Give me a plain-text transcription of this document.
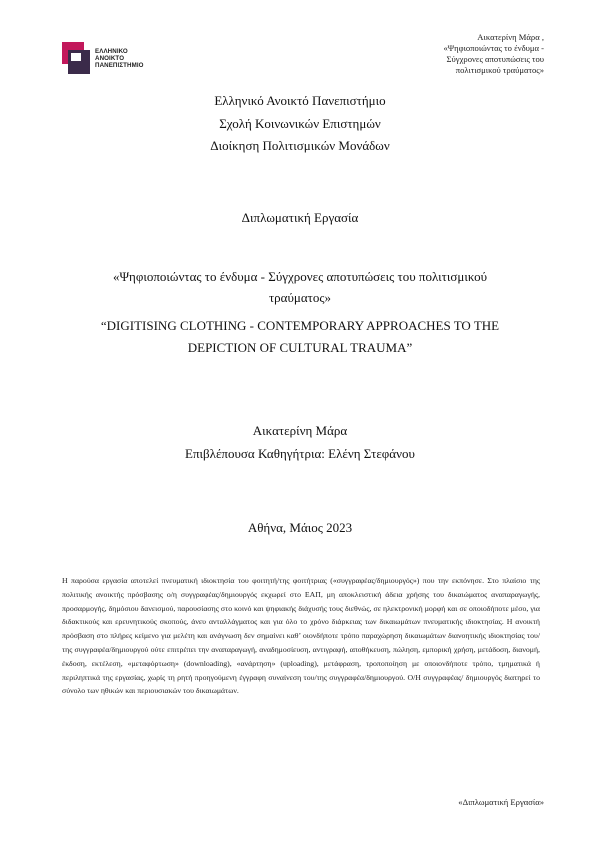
ΕΛΛΗΝΙΚΟ
ΑΝΟΙΚΤΟ
ΠΑΝΕΠΙΣΤΗΜΙΟ
Αικατερίνη Μάρα ,
«Ψηφιοποιώντας το ένδυμα -
Σύγχρονες αποτυπώσεις του
πολιτισμικού τραύματος»
Ελληνικό Ανοικτό Πανεπιστήμιο
Σχολή Κοινωνικών Επιστημών
Διοίκηση Πολιτισμικών Μονάδων
Διπλωματική Εργασία
«Ψηφιοποιώντας το ένδυμα - Σύγχρονες αποτυπώσεις του πολιτισμικού τραύματος»
“DIGITISING CLOTHING - CONTEMPORARY APPROACHES TO THE DEPICTION OF CULTURAL TRAUMA”
Αικατερίνη Μάρα
Επιβλέπουσα Καθηγήτρια: Ελένη Στεφάνου
Αθήνα, Μάιος 2023
Η παρούσα εργασία αποτελεί πνευματική ιδιοκτησία του φοιτητή/της φοιτήτριας («συγγραφέας/δημιουργός») που την εκπόνησε. Στο πλαίσιο της πολιτικής ανοικτής πρόσβασης ο/η συγγραφέας/δημιουργός εκχωρεί στο ΕΑΠ, μη αποκλειστική άδεια χρήσης του δικαιώματος αναπαραγωγής, προσαρμογής, δημόσιου δανεισμού, παρουσίασης στο κοινό και ψηφιακής διάχυσής τους διεθνώς, σε ηλεκτρονική μορφή και σε οποιοδήποτε μέσο, για διδακτικούς και ερευνητικούς σκοπούς, άνευ ανταλλάγματος και για όλο το χρόνο διάρκειας των δικαιωμάτων πνευματικής ιδιοκτησίας. Η ανοικτή πρόσβαση στο πλήρες κείμενο για μελέτη και ανάγνωση δεν σημαίνει καθ’ οιονδήποτε τρόπο παραχώρηση δικαιωμάτων διανοητικής ιδιοκτησίας του/της συγγραφέα/δημιουργού ούτε επιτρέπει την αναπαραγωγή, αναδημοσίευση, αντιγραφή, αποθήκευση, πώληση, εμπορική χρήση, μετάδοση, διανομή, έκδοση, εκτέλεση, «μεταφόρτωση» (downloading), «ανάρτηση» (uploading), μετάφραση, τροποποίηση με οποιονδήποτε τρόπο, τμηματικά ή περιληπτικά της εργασίας, χωρίς τη ρητή προηγούμενη έγγραφη συναίνεση του/της συγγραφέα/δημιουργού. Ο/Η συγγραφέας/ δημιουργός διατηρεί το σύνολο των ηθικών και περιουσιακών του δικαιωμάτων.
«Διπλωματική Εργασία»
